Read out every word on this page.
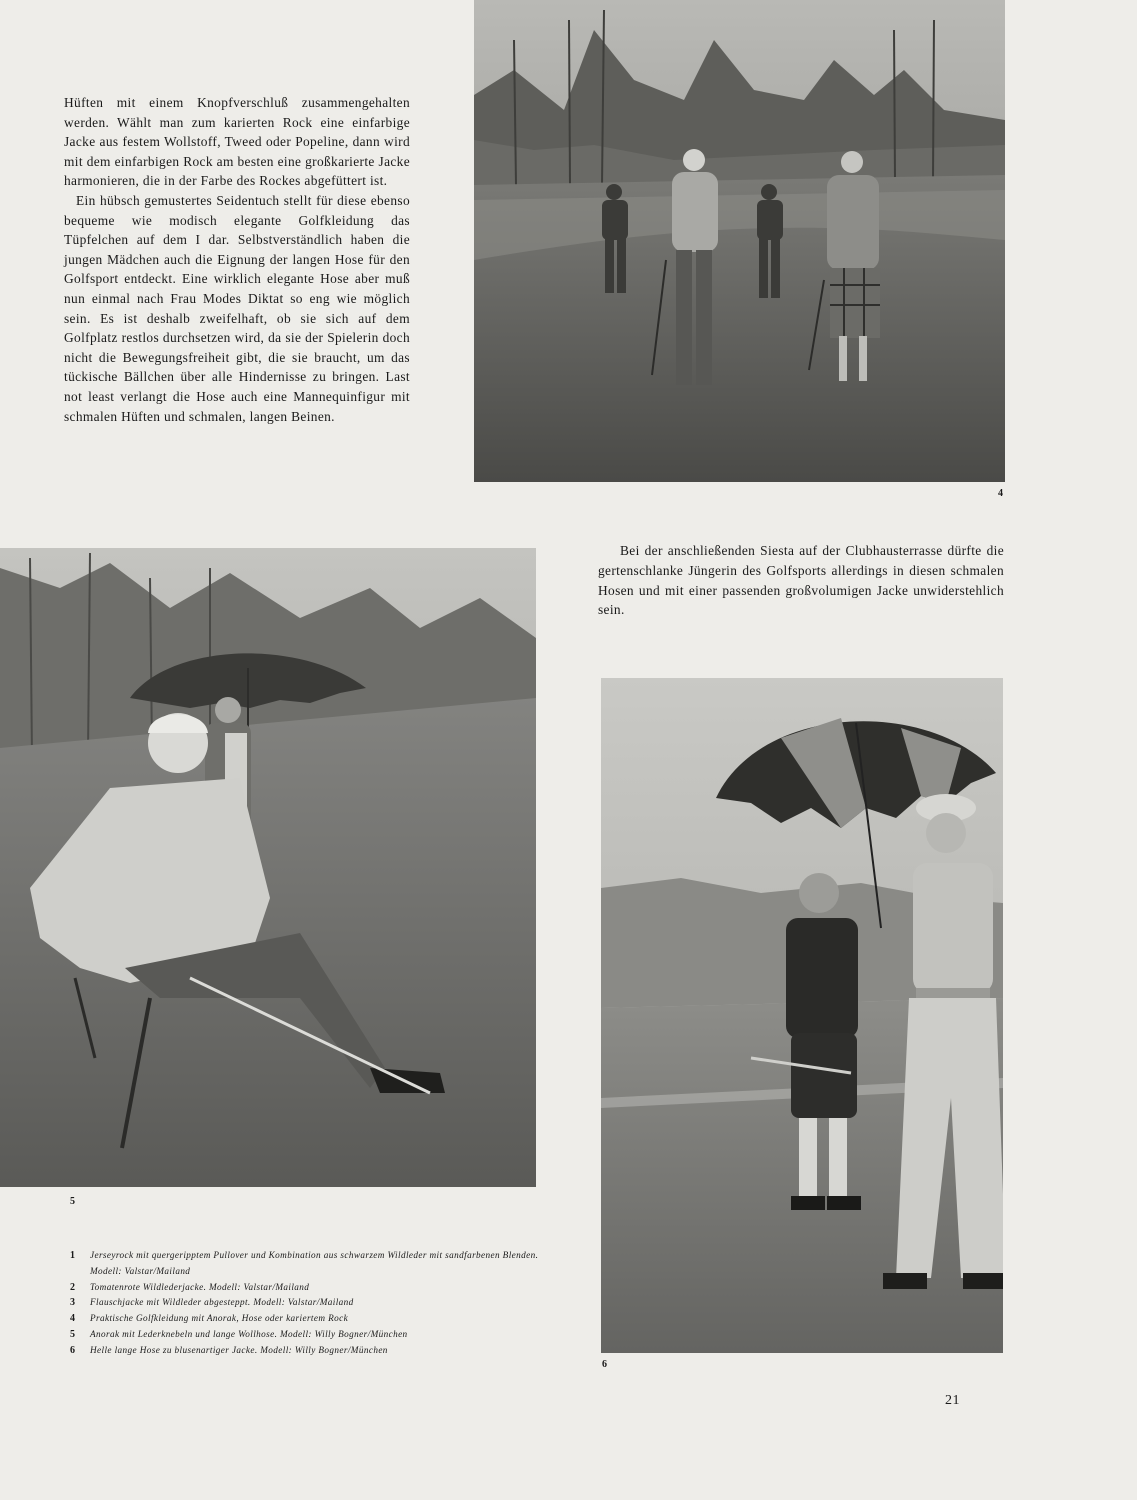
Hüften mit einem Knopfverschluß zusammengehalten werden. Wählt man zum karierten Rock eine einfarbige Jacke aus festem Wollstoff, Tweed oder Popeline, dann wird mit dem einfarbigen Rock am besten eine großkarierte Jacke harmonieren, die in der Farbe des Rockes abgefüttert ist.

Ein hübsch gemustertes Seidentuch stellt für diese ebenso bequeme wie modisch elegante Golfkleidung das Tüpfelchen auf dem I dar. Selbstverständlich haben die jungen Mädchen auch die Eignung der langen Hose für den Golfsport entdeckt. Eine wirklich elegante Hose aber muß nun einmal nach Frau Modes Diktat so eng wie möglich sein. Es ist deshalb zweifelhaft, ob sie sich auf dem Golfplatz restlos durchsetzen wird, da sie der Spielerin doch nicht die Bewegungsfreiheit gibt, die sie braucht, um das tückische Bällchen über alle Hindernisse zu bringen. Last not least verlangt die Hose auch eine Mannequinfigur mit schmalen Hüften und schmalen, langen Beinen.

4

Bei der anschließenden Siesta auf der Clubhausterrasse dürfte die gertenschlanke Jüngerin des Golfsports allerdings in diesen schmalen Hosen und mit einer passenden großvolumigen Jacke unwiderstehlich sein.

5
6
1	Jerseyrock mit quergeripptem Pullover und Kombination aus schwarzem Wildleder mit sandfarbenen Blenden. Modell: Valstar/Mailand
2	Tomatenrote Wildlederjacke. Modell: Valstar/Mailand
3	Flauschjacke mit Wildleder abgesteppt. Modell: Valstar/Mailand
4	Praktische Golfkleidung mit Anorak, Hose oder kariertem Rock
5	Anorak mit Lederknebeln und lange Wollhose. Modell: Willy Bogner/München
6	Helle lange Hose zu blusenartiger Jacke. Modell: Willy Bogner/München
21
